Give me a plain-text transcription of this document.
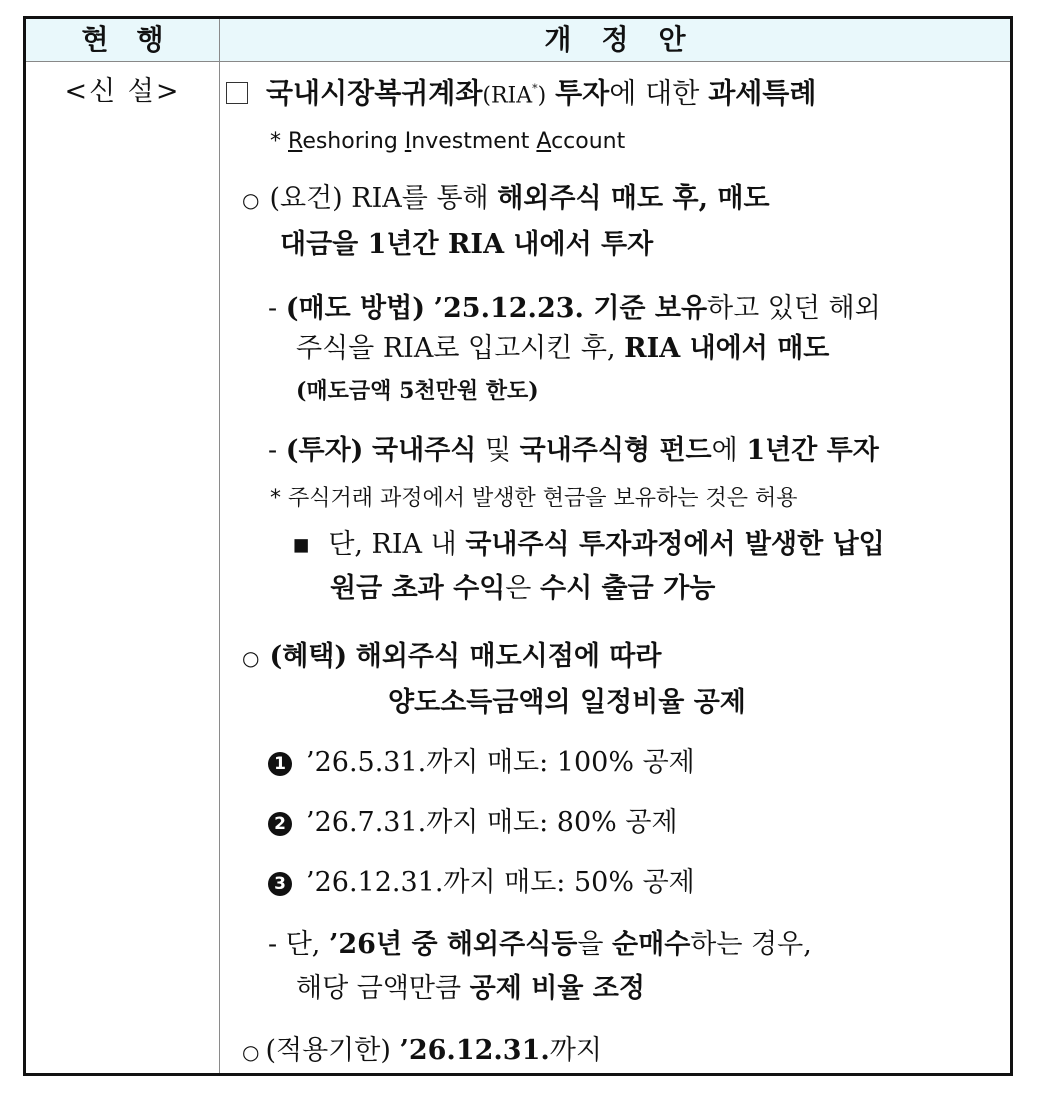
현행	개정안
<신 설>	국내시장복귀계좌(RIA*) 투자에 대한 과세특례
* Reshoring Investment Account
○ (요건) RIA를 통해 해외주식 매도 후, 매도
대금을 1년간 RIA 내에서 투자
- (매도 방법) ’25.12.23. 기준 보유하고 있던 해외
주식을 RIA로 입고시킨 후, RIA 내에서 매도
(매도금액 5천만원 한도)
- (투자) 국내주식 및 국내주식형 펀드에 1년간 투자
* 주식거래 과정에서 발생한 현금을 보유하는 것은 허용
▪ 단, RIA 내 국내주식 투자과정에서 발생한 납입
원금 초과 수익은 수시 출금 가능
○ (혜택) 해외주식 매도시점에 따라
양도소득금액의 일정비율 공제
1 ’26.5.31.까지 매도: 100% 공제
2 ’26.7.31.까지 매도: 80% 공제
3 ’26.12.31.까지 매도: 50% 공제
- 단, ’26년 중 해외주식등을 순매수하는 경우,
해당 금액만큼 공제 비율 조정
○ (적용기한) ’26.12.31.까지
